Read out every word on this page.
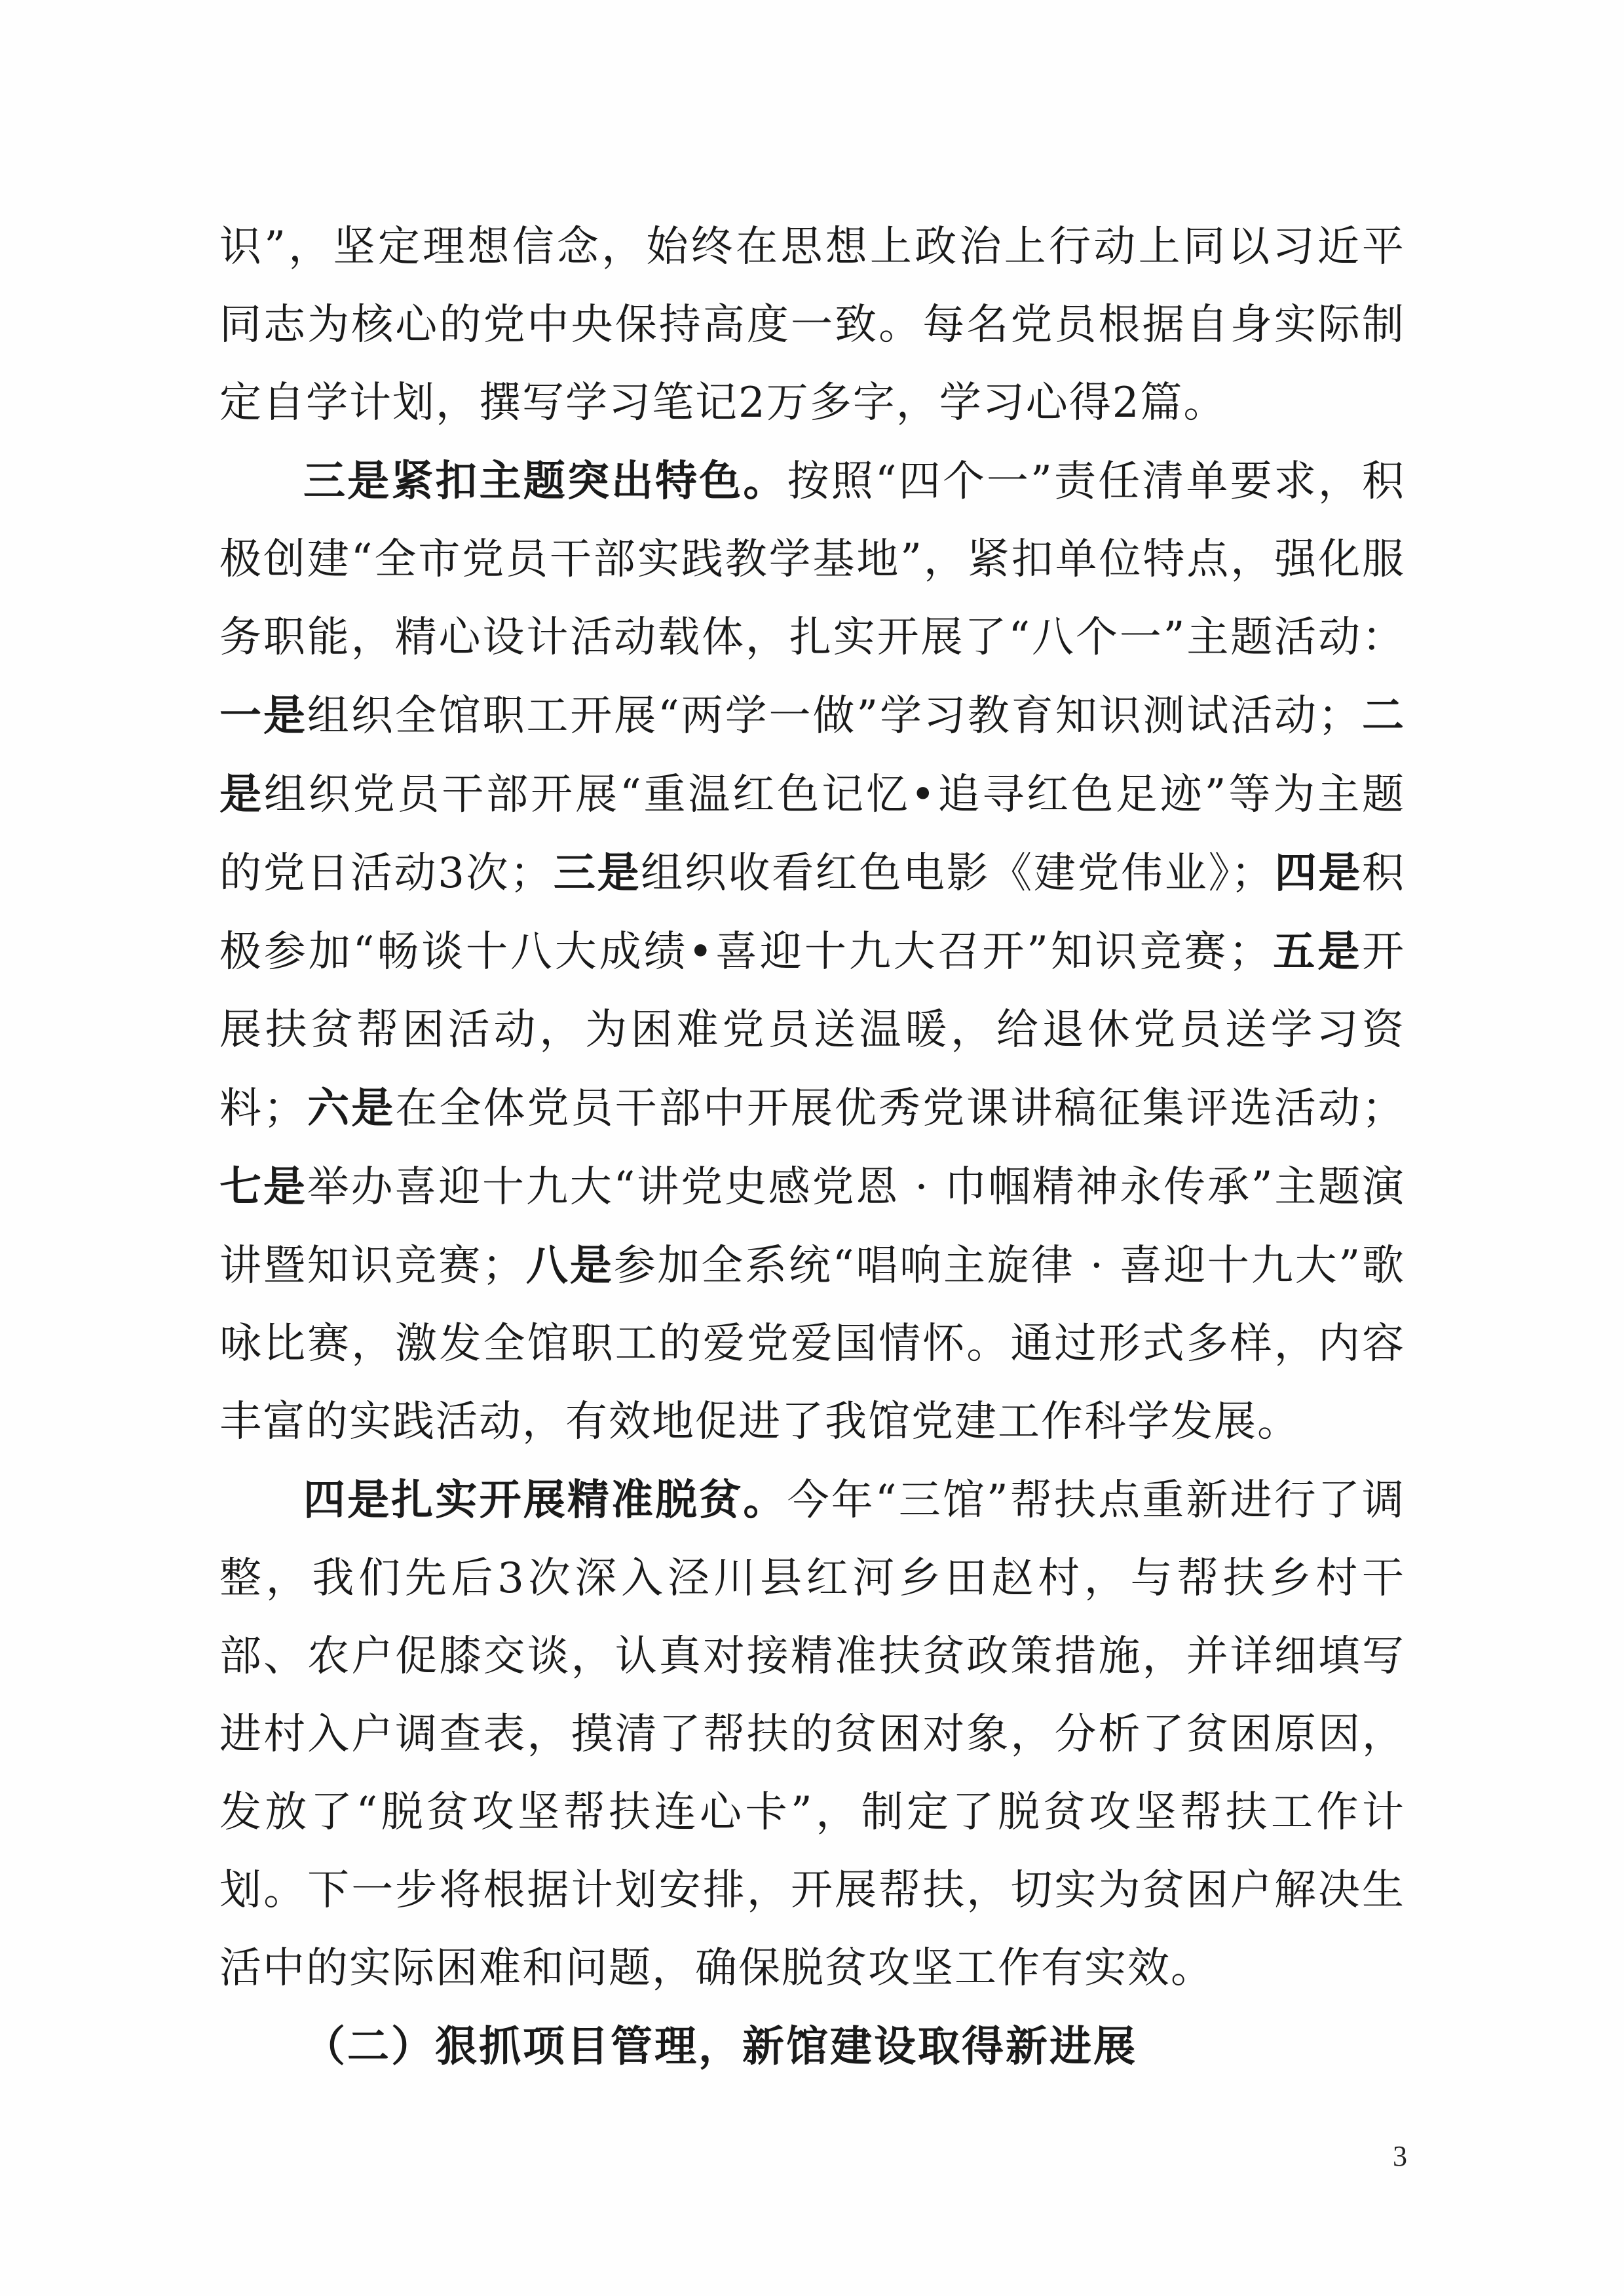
识”，坚定理想信念，始终在思想上政治上行动上同以习近平同志为核心的党中央保持高度一致。每名党员根据自身实际制定自学计划，撰写学习笔记2万多字，学习心得2篇。

三是紧扣主题突出特色。按照“四个一”责任清单要求，积极创建“全市党员干部实践教学基地”，紧扣单位特点，强化服务职能，精心设计活动载体，扎实开展了“八个一”主题活动：一是组织全馆职工开展“两学一做”学习教育知识测试活动；二是组织党员干部开展“重温红色记忆•追寻红色足迹”等为主题的党日活动3次；三是组织收看红色电影《建党伟业》；四是积极参加“畅谈十八大成绩•喜迎十九大召开”知识竞赛；五是开展扶贫帮困活动，为困难党员送温暖，给退休党员送学习资料；六是在全体党员干部中开展优秀党课讲稿征集评选活动；七是举办喜迎十九大“讲党史感党恩 · 巾帼精神永传承”主题演讲暨知识竞赛；八是参加全系统“唱响主旋律 · 喜迎十九大”歌咏比赛，激发全馆职工的爱党爱国情怀。通过形式多样，内容丰富的实践活动，有效地促进了我馆党建工作科学发展。

四是扎实开展精准脱贫。今年“三馆”帮扶点重新进行了调整，我们先后3次深入泾川县红河乡田赵村，与帮扶乡村干部、农户促膝交谈，认真对接精准扶贫政策措施，并详细填写进村入户调查表，摸清了帮扶的贫困对象，分析了贫困原因，发放了“脱贫攻坚帮扶连心卡”，制定了脱贫攻坚帮扶工作计划。下一步将根据计划安排，开展帮扶，切实为贫困户解决生活中的实际困难和问题，确保脱贫攻坚工作有实效。

（二）狠抓项目管理，新馆建设取得新进展

3
